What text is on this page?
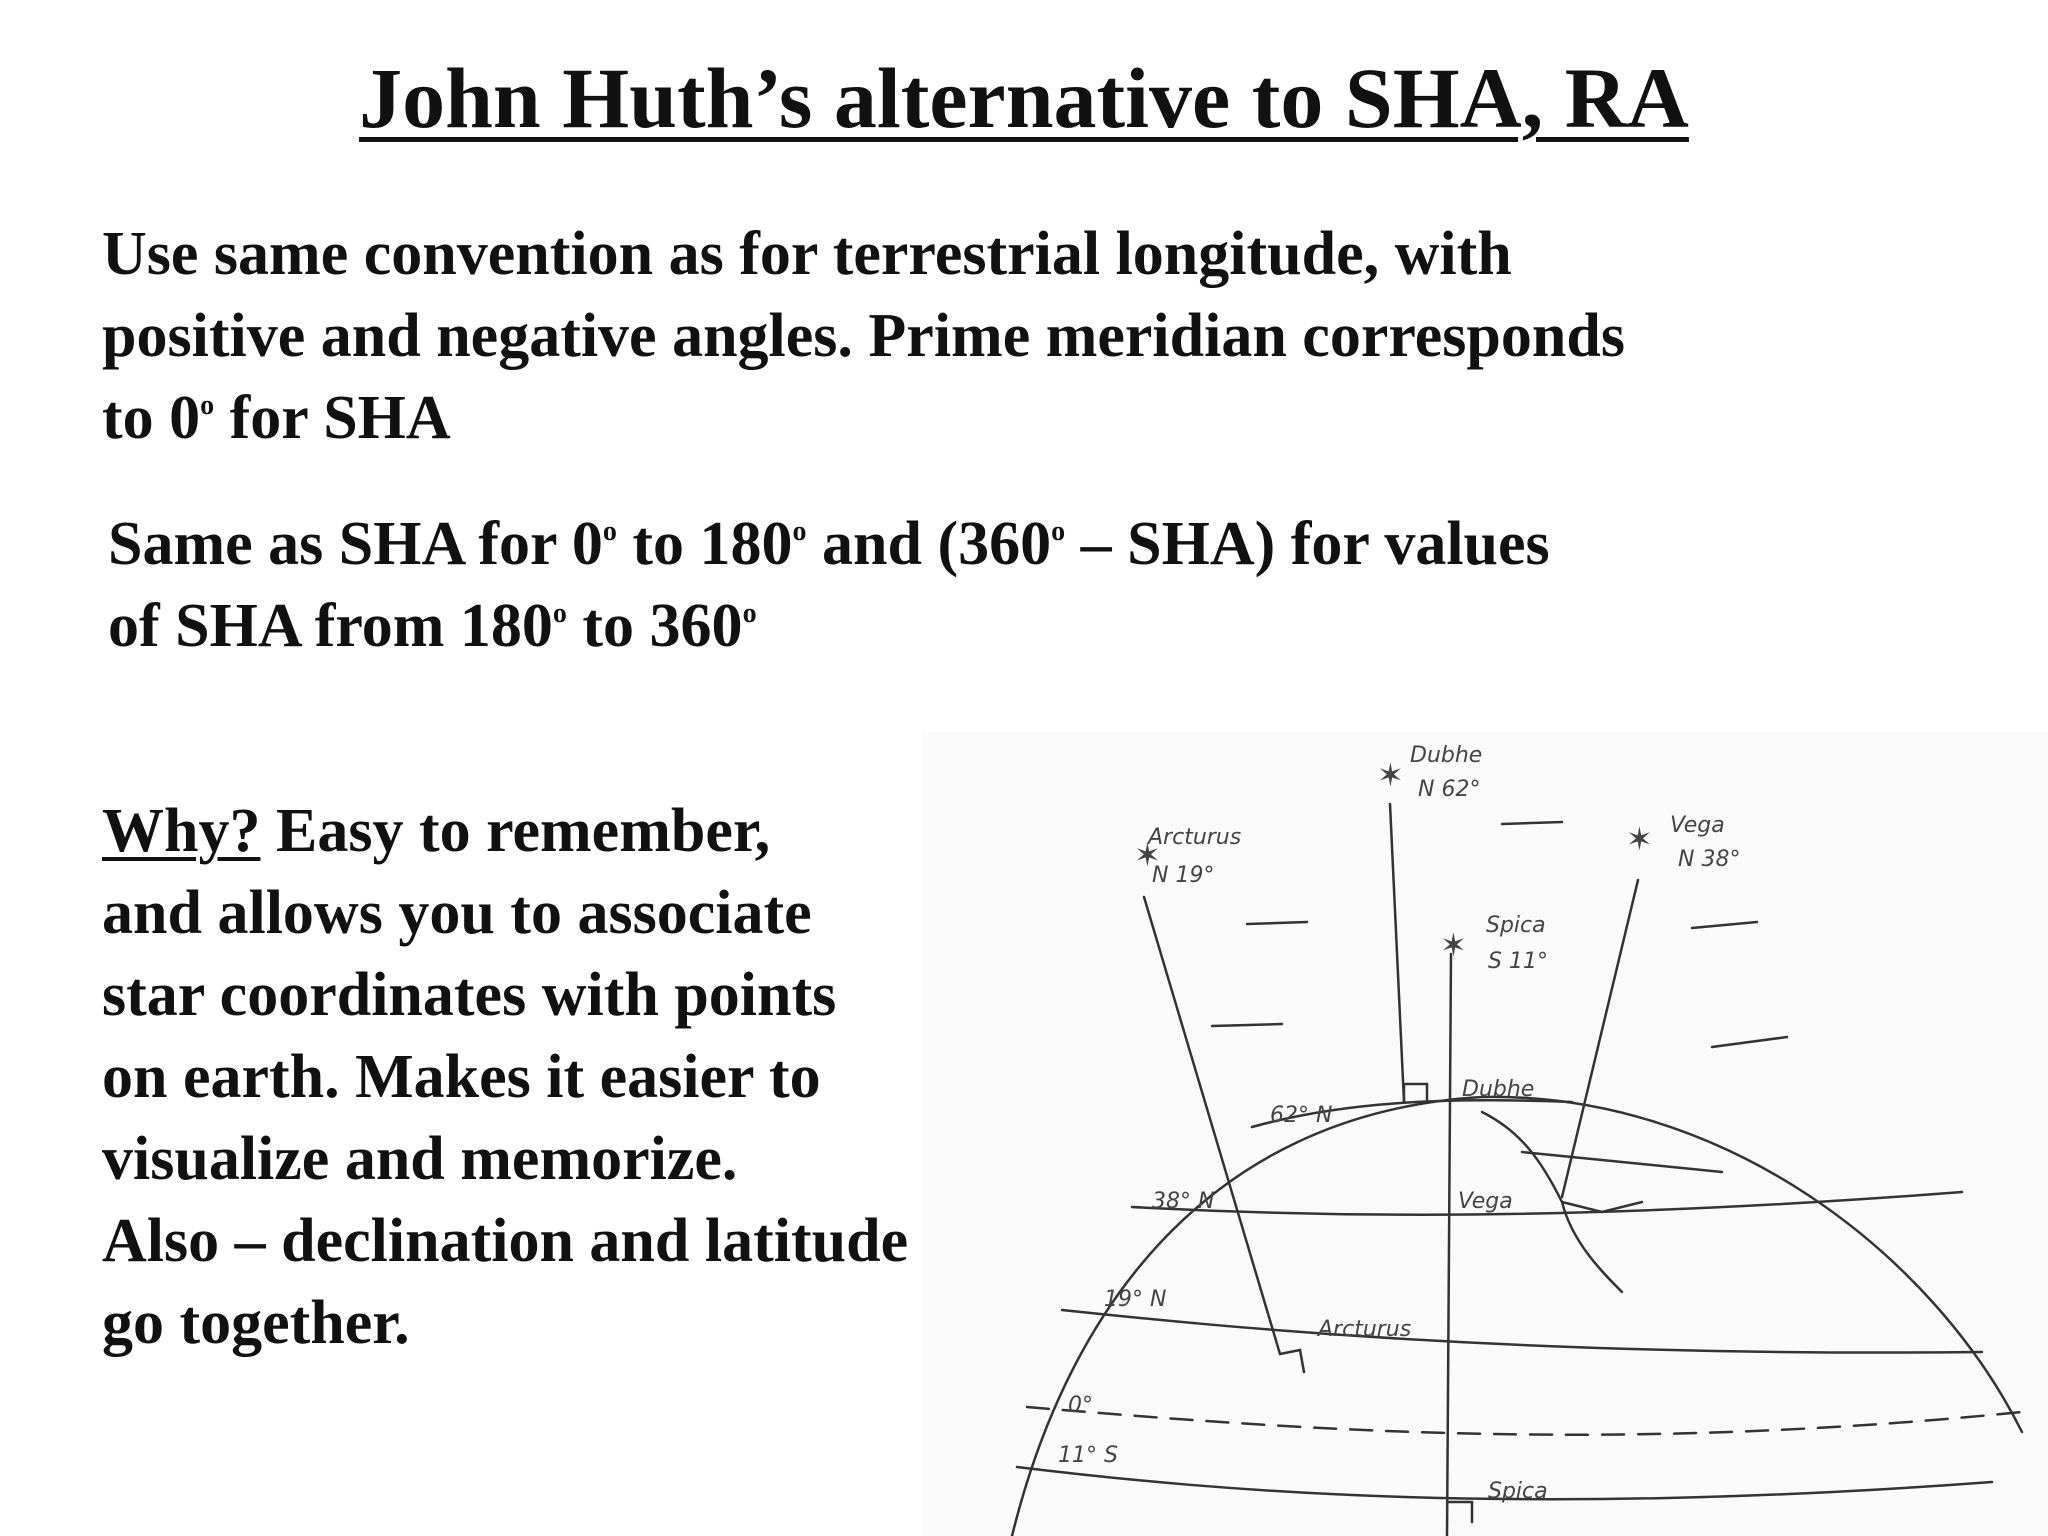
John Huth’s alternative to SHA, RA
Use same convention as for terrestrial longitude, with
positive and negative angles. Prime meridian corresponds
to 0$^o$ for SHA
Same as SHA for 0$^o$ to 180$^o$ and (360$^o$ – SHA) for values
of SHA from 180$^o$ to 360$^o$
Why? Easy to remember,
and allows you to associate
star coordinates with points
on earth. Makes it easier to
visualize and memorize.
Also – declination and latitude
go together.
✶
✶	✶
✶
Dubhe
N 62°
Arcturus
N 19°
Vega
N 38°
Spica
S 11°
Dubhe
Vega
Arcturus
Spica
62° N
38° N
19° N
0°
11° S
